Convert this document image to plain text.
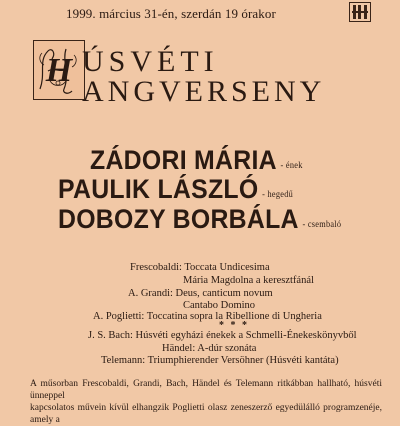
1999. március 31-én, szerdán 19 órakor
H ÚSVÉTI
ANGVERSENY
ZÁDORI MÁRIA - ének
PAULIK LÁSZLÓ - hegedű
DOBOZY BORBÁLA - csembaló
Frescobaldi: Toccata Undicesima
Mária Magdolna a keresztfánál
A. Grandi: Deus, canticum novum
Cantabo Domino
A. Poglietti: Toccatina sopra la Ribellione di Ungheria
* * *
J. S. Bach: Húsvéti egyházi énekek a Schmelli-Énekeskönyvből
Händel: A-dúr szonáta
Telemann: Triumphierender Versöhner (Húsvéti kantáta)
A műsorban Frescobaldi, Grandi, Bach, Händel és Telemann ritkábban hallható, húsvéti ünneppel
kapcsolatos művein kívül elhangzik Poglietti olasz zeneszerző egyedülálló programzenéje, amely a
